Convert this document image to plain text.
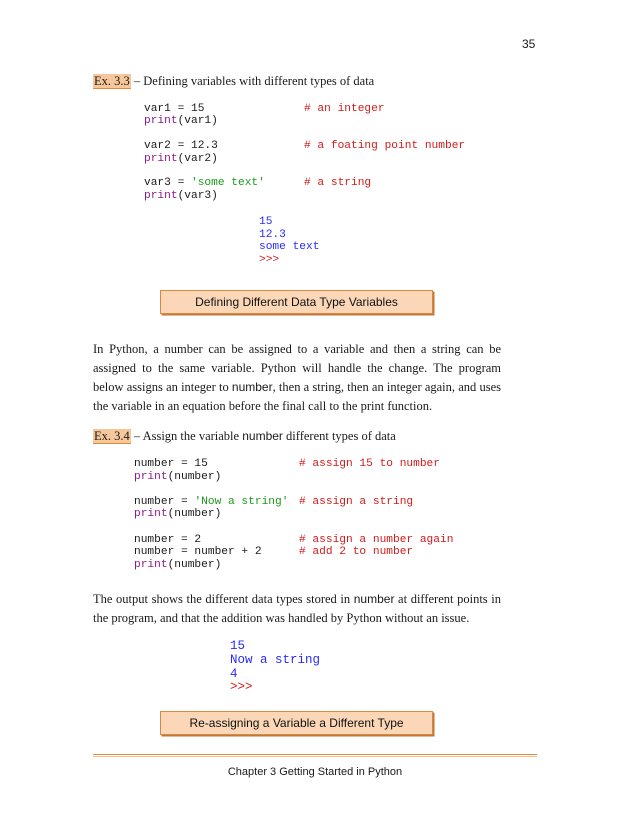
35
Ex. 3.3 – Defining variables with different types of data
var1 = 15	# an integer

print(var1)

var2 = 12.3	# a foating point number

print(var2)

var3 = 'some text'	# a string

print(var3)
15
12.3
some text
>>>
Defining Different Data Type Variables
In Python, a number can be assigned to a variable and then a string can be assigned to the same variable. Python will handle the change. The program below assigns an integer to number, then a string, then an integer again, and uses the variable in an equation before the final call to the print function.
Ex. 3.4 – Assign the variable number different types of data
number = 15	# assign 15 to number

print(number)

number = 'Now a string' # assign a string

print(number)

number = 2	# assign a number again

number = number + 2	# add 2 to number

print(number)
The output shows the different data types stored in number at different points in the program, and that the addition was handled by Python without an issue.
15
Now a string
4
>>>
Re-assigning a Variable a Different Type
Chapter 3 Getting Started in Python
